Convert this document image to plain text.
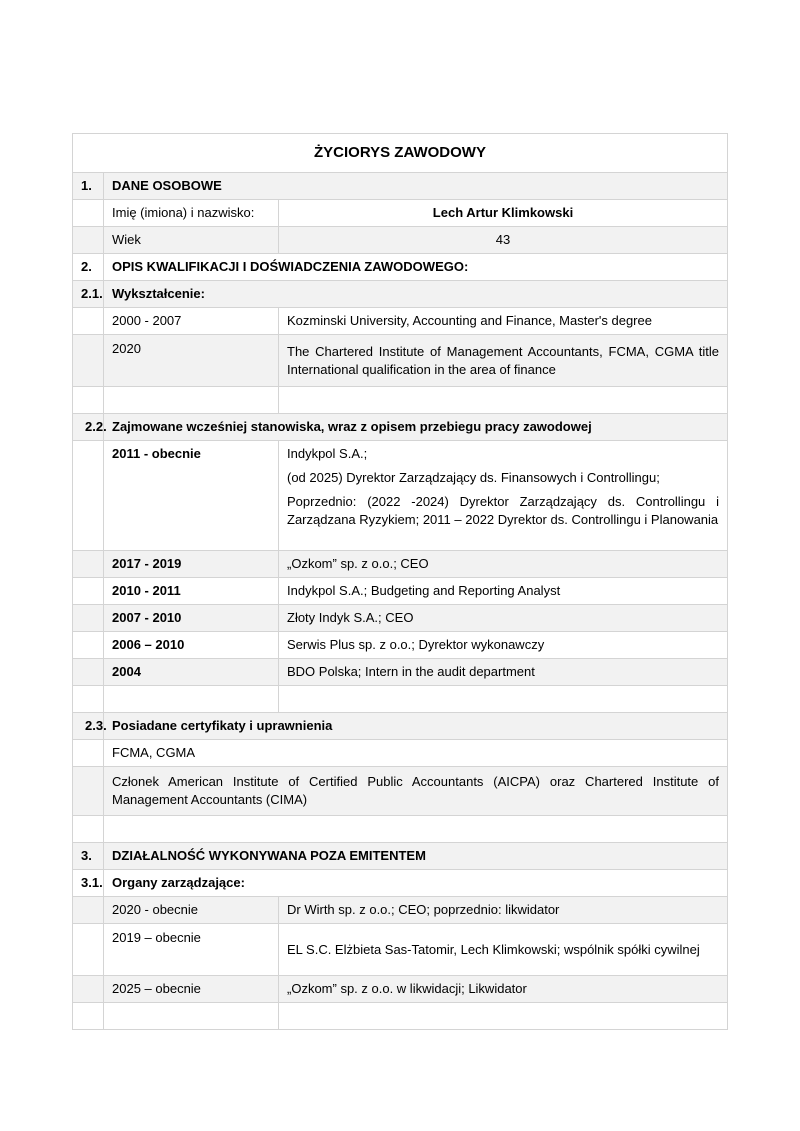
ŻYCIORYS ZAWODOWY		
1.	DANE OSOBOWE	
	Imię (imiona) i nazwisko:	Lech Artur Klimkowski
	Wiek	43
2.	OPIS KWALIFIKACJI I DOŚWIADCZENIA ZAWODOWEGO:	
2.1.	Wykształcenie:	
	2000 - 2007	Kozminski University, Accounting and Finance, Master's degree
	2020	The Chartered Institute of Management Accountants, FCMA, CGMA title International qualification in the area of finance

2.2.	Zajmowane wcześniej stanowiska, wraz z opisem przebiegu pracy zawodowej	
	2011 - obecnie	Indykpol S.A.;

(od 2025) Dyrektor Zarządzający ds. Finansowych i Controllingu;

Poprzednio: (2022 -2024) Dyrektor Zarządzający ds. Controllingu i Zarządzana Ryzykiem; 2011 – 2022 Dyrektor ds. Controllingu i Planowania

	2017 - 2019	„Ozkom” sp. z o.o.; CEO
	2010 - 2011	Indykpol S.A.; Budgeting and Reporting Analyst
	2007 - 2010	Złoty Indyk S.A.; CEO
	2006 – 2010	Serwis Plus sp. z o.o.; Dyrektor wykonawczy
	2004	BDO Polska; Intern in the audit department

2.3.	Posiadane certyfikaty i uprawnienia	
	FCMA, CGMA	
	Członek American Institute of Certified Public Accountants (AICPA) oraz Chartered Institute of Management Accountants (CIMA)	

3.	DZIAŁALNOŚĆ WYKONYWANA POZA EMITENTEM	
3.1.	Organy zarządzające:	
	2020 - obecnie	Dr Wirth sp. z o.o.; CEO; poprzednio: likwidator
	2019 – obecnie	EL S.C. Elżbieta Sas-Tatomir, Lech Klimkowski; wspólnik spółki cywilnej
	2025 – obecnie	„Ozkom” sp. z o.o. w likwidacji; Likwidator
